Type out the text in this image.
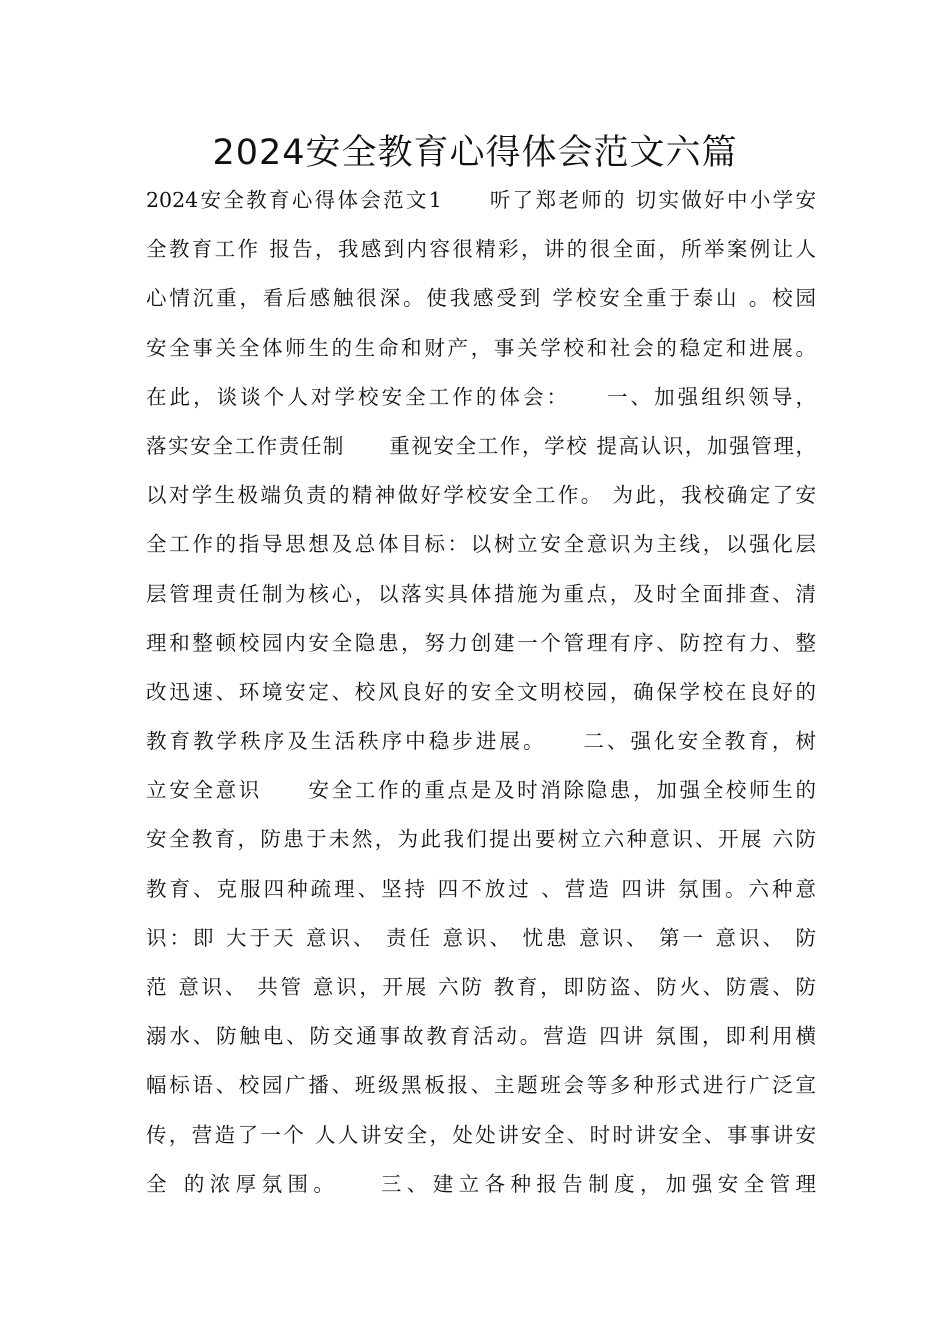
2024安全教育心得体会范文六篇
2024安全教育心得体会范文1　　听了郑老师的 切实做好中小学安
全教育工作 报告，我感到内容很精彩，讲的很全面，所举案例让人
心情沉重，看后感触很深。使我感受到 学校安全重于泰山 。校园
安全事关全体师生的生命和财产，事关学校和社会的稳定和进展。
在此，谈谈个人对学校安全工作的体会：　　一、加强组织领导，
落实安全工作责任制　　重视安全工作，学校 提高认识，加强管理，
以对学生极端负责的精神做好学校安全工作。 为此，我校确定了安
全工作的指导思想及总体目标：以树立安全意识为主线，以强化层
层管理责任制为核心，以落实具体措施为重点，及时全面排查、清
理和整顿校园内安全隐患，努力创建一个管理有序、防控有力、整
改迅速、环境安定、校风良好的安全文明校园，确保学校在良好的
教育教学秩序及生活秩序中稳步进展。　　二、强化安全教育，树
立安全意识　　安全工作的重点是及时消除隐患，加强全校师生的
安全教育，防患于未然，为此我们提出要树立六种意识、开展 六防
教育、克服四种疏理、坚持 四不放过 、营造 四讲 氛围。六种意
识：即 大于天 意识、 责任 意识、 忧患 意识、 第一 意识、 防
范 意识、 共管 意识，开展 六防 教育，即防盗、防火、防震、防
溺水、防触电、防交通事故教育活动。营造 四讲 氛围，即利用横
幅标语、校园广播、班级黑板报、主题班会等多种形式进行广泛宣
传，营造了一个 人人讲安全，处处讲安全、时时讲安全、事事讲安
全 的浓厚氛围。　　三、建立各种报告制度，加强安全管理
